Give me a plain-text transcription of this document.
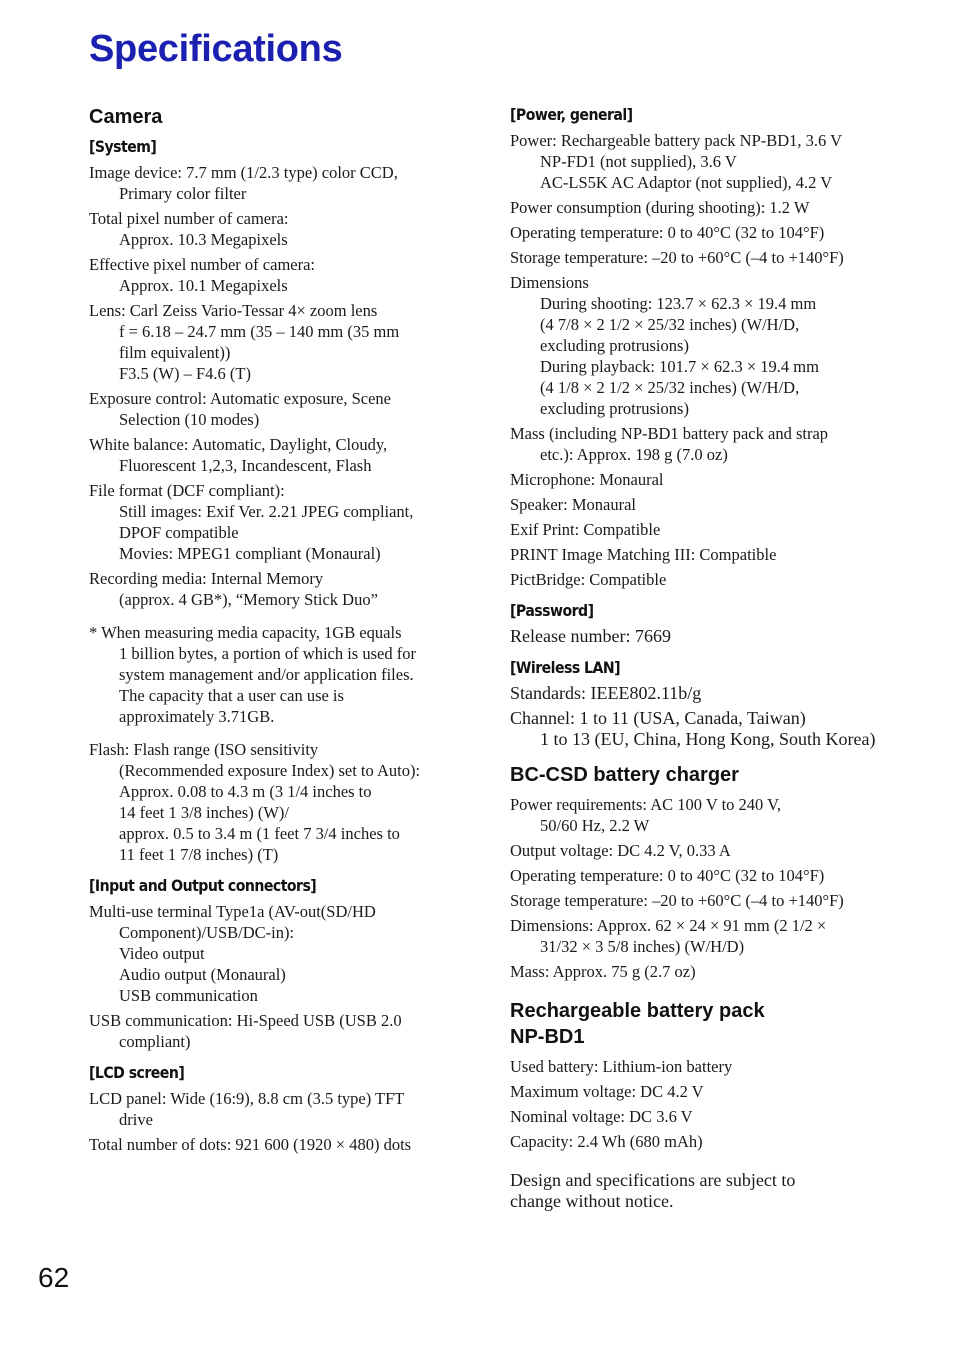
Specifications
Camera
[System]
Image device: 7.7 mm (1/2.3 type) color CCD,
Primary color filter
Total pixel number of camera:
Approx. 10.3 Megapixels
Effective pixel number of camera:
Approx. 10.1 Megapixels
Lens: Carl Zeiss Vario-Tessar 4× zoom lens
f = 6.18 – 24.7 mm (35 – 140 mm (35 mm
film equivalent))
F3.5 (W) – F4.6 (T)
Exposure control: Automatic exposure, Scene
Selection (10 modes)
White balance: Automatic, Daylight, Cloudy,
Fluorescent 1,2,3, Incandescent, Flash
File format (DCF compliant):
Still images: Exif Ver. 2.21 JPEG compliant,
DPOF compatible
Movies: MPEG1 compliant (Monaural)
Recording media: Internal Memory
(approx. 4 GB*), “Memory Stick Duo”
* When measuring media capacity, 1GB equals
1 billion bytes, a portion of which is used for
system management and/or application files.
The capacity that a user can use is
approximately 3.71GB.
Flash: Flash range (ISO sensitivity
(Recommended exposure Index) set to Auto):
Approx. 0.08 to 4.3 m (3 1/4 inches to
14 feet 1 3/8 inches) (W)/
approx. 0.5 to 3.4 m (1 feet 7 3/4 inches to
11 feet 1 7/8 inches) (T)
[Input and Output connectors]
Multi-use terminal Type1a (AV-out(SD/HD
Component)/USB/DC-in):
Video output
Audio output (Monaural)
USB communication
USB communication: Hi-Speed USB (USB 2.0
compliant)
[LCD screen]
LCD panel: Wide (16:9), 8.8 cm (3.5 type) TFT
drive
Total number of dots: 921 600 (1920 × 480) dots
[Power, general]
Power: Rechargeable battery pack NP-BD1, 3.6 V
NP-FD1 (not supplied), 3.6 V
AC-LS5K AC Adaptor (not supplied), 4.2 V
Power consumption (during shooting): 1.2 W
Operating temperature: 0 to 40°C (32 to 104°F)
Storage temperature: –20 to +60°C (–4 to +140°F)
Dimensions
During shooting: 123.7 × 62.3 × 19.4 mm
(4 7/8 × 2 1/2 × 25/32 inches) (W/H/D,
excluding protrusions)
During playback: 101.7 × 62.3 × 19.4 mm
(4 1/8 × 2 1/2 × 25/32 inches) (W/H/D,
excluding protrusions)
Mass (including NP-BD1 battery pack and strap
etc.): Approx. 198 g (7.0 oz)
Microphone: Monaural
Speaker: Monaural
Exif Print: Compatible
PRINT Image Matching III: Compatible
PictBridge: Compatible
[Password]
Release number: 7669
[Wireless LAN]
Standards: IEEE802.11b/g
Channel: 1 to 11 (USA, Canada, Taiwan)
1 to 13 (EU, China, Hong Kong, South Korea)
BC-CSD battery charger
Power requirements: AC 100 V to 240 V,
50/60 Hz, 2.2 W
Output voltage: DC 4.2 V, 0.33 A
Operating temperature: 0 to 40°C (32 to 104°F)
Storage temperature: –20 to +60°C (–4 to +140°F)
Dimensions: Approx. 62 × 24 × 91 mm (2 1/2 ×
31/32 × 3 5/8 inches) (W/H/D)
Mass: Approx. 75 g (2.7 oz)
Rechargeable battery pack
NP-BD1
Used battery: Lithium-ion battery
Maximum voltage: DC 4.2 V
Nominal voltage: DC 3.6 V
Capacity: 2.4 Wh (680 mAh)
Design and specifications are subject to
change without notice.
62
